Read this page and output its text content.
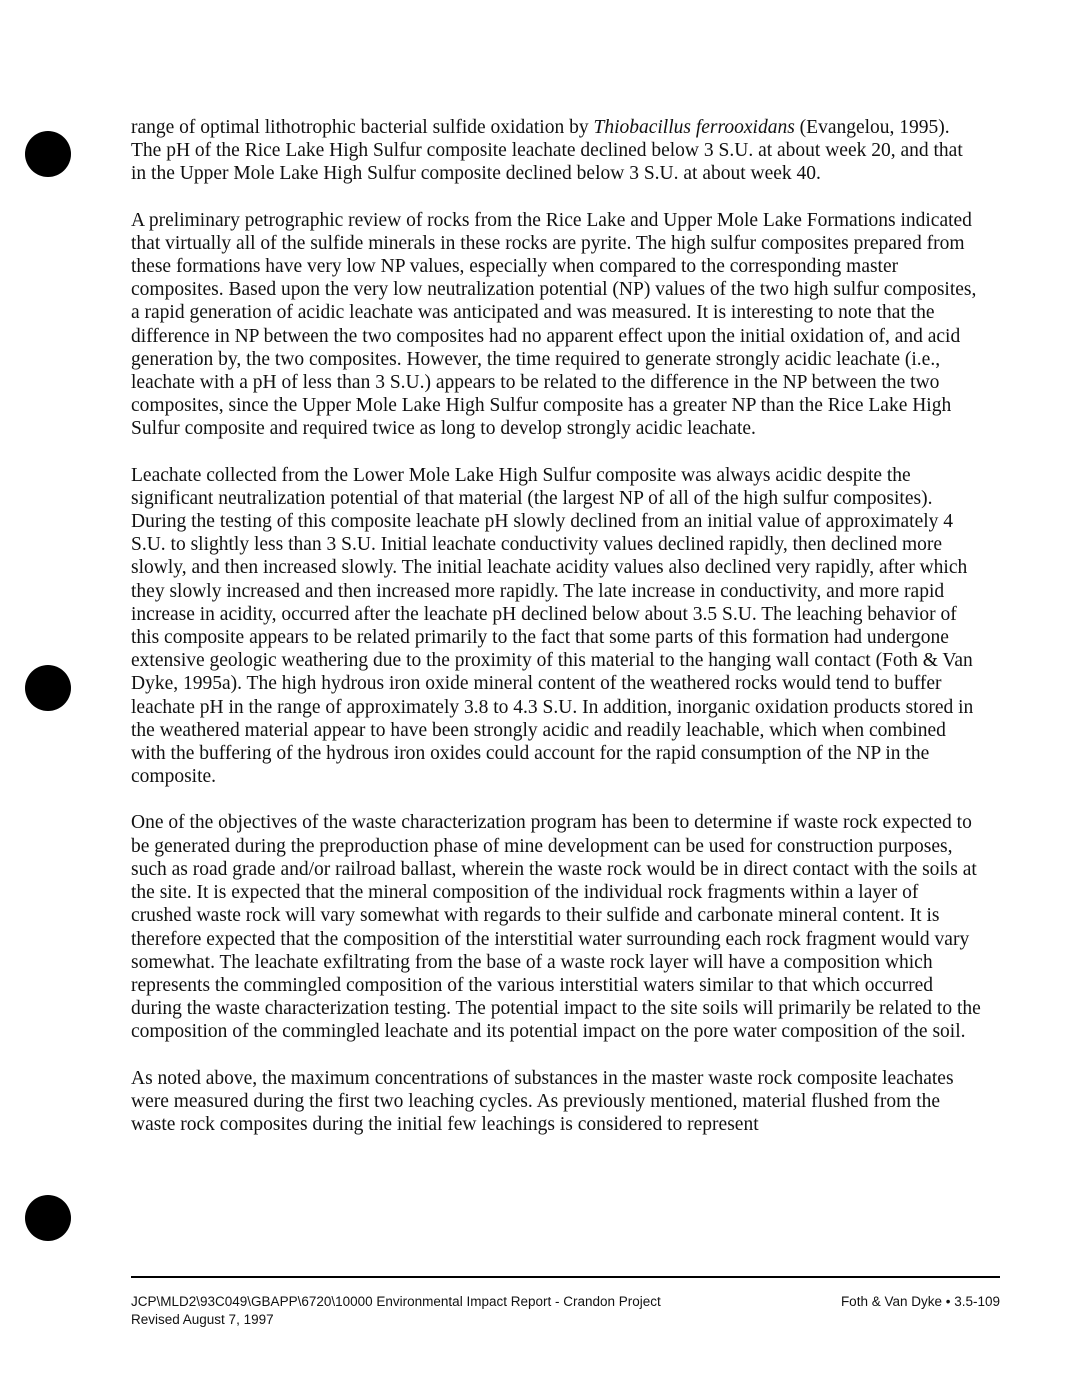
range of optimal lithotrophic bacterial sulfide oxidation by Thiobacillus ferrooxidans (Evangelou, 1995). The pH of the Rice Lake High Sulfur composite leachate declined below 3 S.U. at about week 20, and that in the Upper Mole Lake High Sulfur composite declined below 3 S.U. at about week 40.

A preliminary petrographic review of rocks from the Rice Lake and Upper Mole Lake Formations indicated that virtually all of the sulfide minerals in these rocks are pyrite. The high sulfur composites prepared from these formations have very low NP values, especially when compared to the corresponding master composites. Based upon the very low neutralization potential (NP) values of the two high sulfur composites, a rapid generation of acidic leachate was anticipated and was measured. It is interesting to note that the difference in NP between the two composites had no apparent effect upon the initial oxidation of, and acid generation by, the two composites. However, the time required to generate strongly acidic leachate (i.e., leachate with a pH of less than 3 S.U.) appears to be related to the difference in the NP between the two composites, since the Upper Mole Lake High Sulfur composite has a greater NP than the Rice Lake High Sulfur composite and required twice as long to develop strongly acidic leachate.

Leachate collected from the Lower Mole Lake High Sulfur composite was always acidic despite the significant neutralization potential of that material (the largest NP of all of the high sulfur composites). During the testing of this composite leachate pH slowly declined from an initial value of approximately 4 S.U. to slightly less than 3 S.U. Initial leachate conductivity values declined rapidly, then declined more slowly, and then increased slowly. The initial leachate acidity values also declined very rapidly, after which they slowly increased and then increased more rapidly. The late increase in conductivity, and more rapid increase in acidity, occurred after the leachate pH declined below about 3.5 S.U. The leaching behavior of this composite appears to be related primarily to the fact that some parts of this formation had undergone extensive geologic weathering due to the proximity of this material to the hanging wall contact (Foth & Van Dyke, 1995a). The high hydrous iron oxide mineral content of the weathered rocks would tend to buffer leachate pH in the range of approximately 3.8 to 4.3 S.U. In addition, inorganic oxidation products stored in the weathered material appear to have been strongly acidic and readily leachable, which when combined with the buffering of the hydrous iron oxides could account for the rapid consumption of the NP in the composite.

One of the objectives of the waste characterization program has been to determine if waste rock expected to be generated during the preproduction phase of mine development can be used for construction purposes, such as road grade and/or railroad ballast, wherein the waste rock would be in direct contact with the soils at the site. It is expected that the mineral composition of the individual rock fragments within a layer of crushed waste rock will vary somewhat with regards to their sulfide and carbonate mineral content. It is therefore expected that the composition of the interstitial water surrounding each rock fragment would vary somewhat. The leachate exfiltrating from the base of a waste rock layer will have a composition which represents the commingled composition of the various interstitial waters similar to that which occurred during the waste characterization testing. The potential impact to the site soils will primarily be related to the composition of the commingled leachate and its potential impact on the pore water composition of the soil.

As noted above, the maximum concentrations of substances in the master waste rock composite leachates were measured during the first two leaching cycles. As previously mentioned, material flushed from the waste rock composites during the initial few leachings is considered to represent

JCP\MLD2\93C049\GBAPP\6720\10000 Environmental Impact Report - Crandon Project
Revised August 7, 1997
Foth & Van Dyke • 3.5-109
